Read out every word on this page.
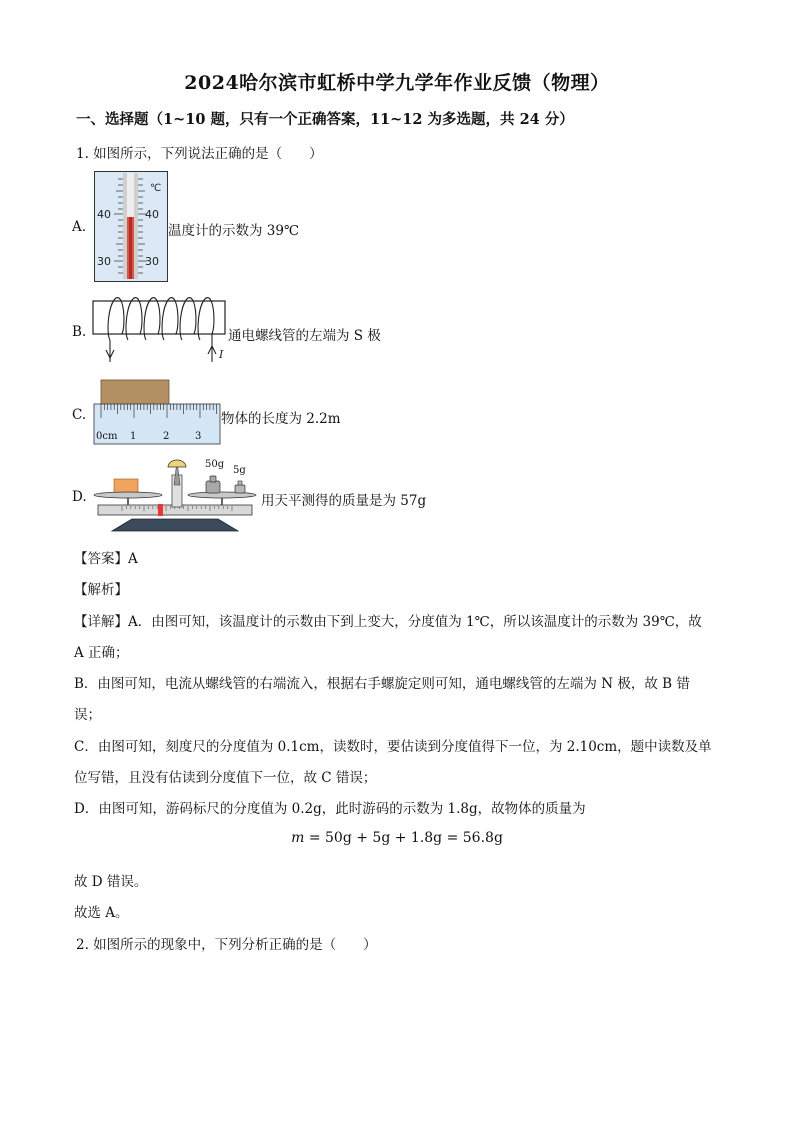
2024哈尔滨市虹桥中学九学年作业反馈（物理）
一、选择题（1~10 题，只有一个正确答案，11~12 为多选题，共 24 分）
1. 如图所示，下列说法正确的是（　　）
A.
℃
40	40
30	30
温度计的示数为 39℃
B.
I
通电螺线管的左端为 S 极
C.
0cm 1	2	3
物体的长度为 2.2m
D.
50g
5g
用天平测得的质量是为 57g
【答案】A
【解析】
【详解】A．由图可知，该温度计的示数由下到上变大，分度值为 1℃，所以该温度计的示数为 39℃，故
A 正确；
B．由图可知，电流从螺线管的右端流入，根据右手螺旋定则可知，通电螺线管的左端为 N 极，故 B 错
误；
C．由图可知，刻度尺的分度值为 0.1cm，读数时，要估读到分度值得下一位，为 2.10cm，题中读数及单
位写错，且没有估读到分度值下一位，故 C 错误；
D．由图可知，游码标尺的分度值为 0.2g，此时游码的示数为 1.8g，故物体的质量为
m = 50g + 5g + 1.8g = 56.8g
故 D 错误。
故选 A。
2. 如图所示的现象中，下列分析正确的是（　　）
